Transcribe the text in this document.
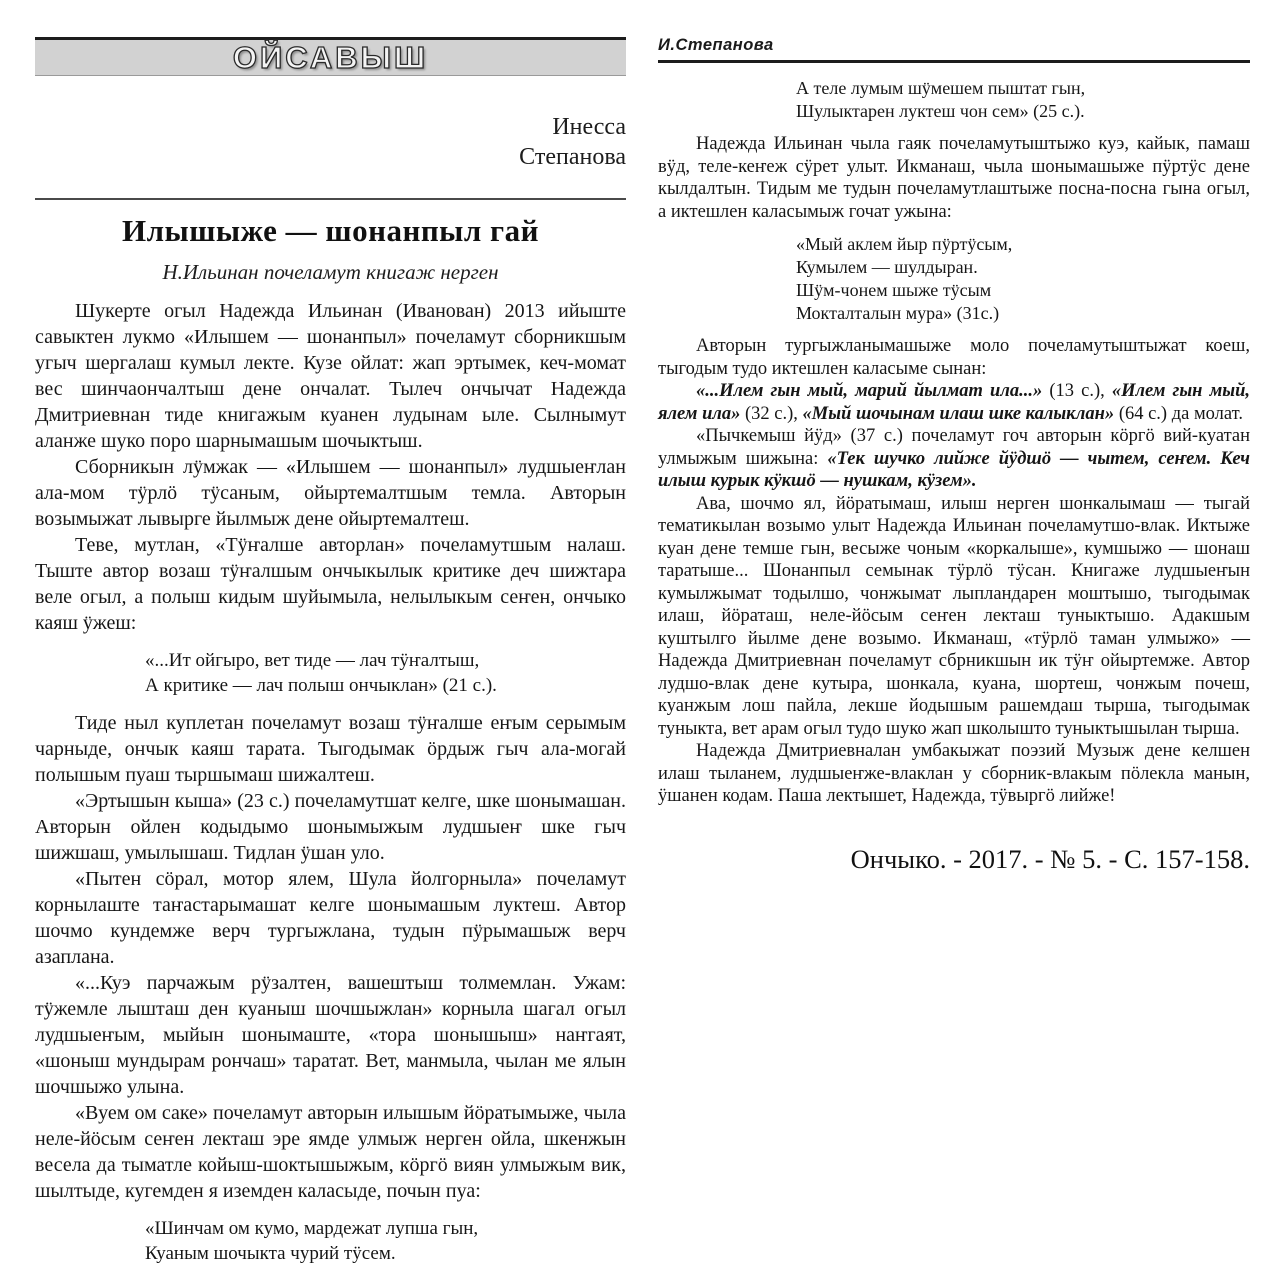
ОЙСАВЫШ
Инесса
Степанова
Илышыже — шонанпыл гай
Н.Ильинан почеламут книгаж нерген

Шукерте огыл Надежда Ильинан (Иванован) 2013 ийыште савыктен лукмо «Илышем — шонанпыл» почеламут сборникшым угыч шергалаш кумыл лекте. Кузе ойлат: жап эртымек, кеч-момат вес шинчаончалтыш дене ончалат. Тылеч ончычат Надежда Дмитриевнан тиде книгажым куанен лудынам ыле. Сылнымут аланже шуко поро шарнымашым шочыктыш.

Сборникын лӱмжак — «Илышем — шонанпыл» лудшыеҥлан ала-мом тӱрлӧ тӱсаным, ойыртемалтшым темла. Авторын возымыжат лывырге йылмыж дене ойыртемалтеш.

Теве, мутлан, «Тӱҥалше авторлан» почеламутшым налаш. Тыште автор возаш тӱҥалшым ончыкылык критике деч шижтара веле огыл, а полыш кидым шуйымыла, нелылыкым сеҥен, ончыко каяш ӱжеш:

«...Ит ойгыро, вет тиде — лач тӱҥалтыш,
А критике — лач полыш ончыклан» (21 с.).

Тиде ныл куплетан почеламут возаш тӱҥалше еҥым серымым чарныде, ончык каяш тарата. Тыгодымак ӧрдыж гыч ала-могай полышым пуаш тыршымаш шижалтеш.

«Эртышын кыша» (23 с.) почеламутшат келге, шке шонымашан. Авторын ойлен кодыдымо шонымыжым лудшыеҥ шке гыч шижшаш, умылышаш. Тидлан ӱшан уло.

«Пытен сӧрал, мотор ялем, Шула йолгорныла» почеламут корнылаште таҥастарымашат келге шонымашым луктеш. Автор шочмо кундемже верч тургыжлана, тудын пӱрымашыж верч азаплана.

«...Куэ парчажым рӱзалтен, вашештыш толмемлан. Ужам: тӱжемле лышташ ден куаныш шочшыжлан» корныла шагал огыл лудшыеҥым, мыйын шонымаште, «тора шонышыш» наҥгаят, «шоныш мундырам рончаш» таратат. Вет, манмыла, чылан ме ялын шочшыжо улына.

«Вуем ом саке» почеламут авторын илышым йӧратымыже, чыла неле-йӧсым сеҥен лекташ эре ямде улмыж нерген ойла, шкенжын весела да тыматле койыш-шоктышыжым, кӧргӧ виян улмыжым вик, шылтыде, кугемден я иземден каласыде, почын пуа:

«Шинчам ом кумо, мардежат лупша гын,
Куаным шочыкта чурий тӱсем.
И.Степанова
А теле лумым шӱмешем пыштат гын,
Шулыктарен луктеш чон сем» (25 с.).

Надежда Ильинан чыла гаяк почеламутыштыжо куэ, кайык, памаш вӱд, теле-кеҥеж сӱрет улыт. Икманаш, чыла шонымашыже пӱртӱс дене кылдалтын. Тидым ме тудын почеламутлаштыже посна-посна гына огыл, а иктешлен каласымыж гочат ужына:

«Мый аклем йыр пӱртӱсым,
Кумылем — шулдыран.
Шӱм-чонем шыже тӱсым
Мокталталын мура» (31с.)

Авторын тургыжланымашыже моло почеламутыштыжат коеш, тыгодым тудо иктешлен каласыме сынан:

«...Илем гын мый, марий йылмат ила...» (13 с.), «Илем гын мый, ялем ила» (32 с.), «Мый шочынам илаш шке калыклан» (64 с.) да молат.

«Пычкемыш йӱд» (37 с.) почеламут гоч авторын кӧргӧ вий-куатан улмыжым шижына: «Тек шучко лийже йӱдшӧ — чытем, сеҥем. Кеч илыш курык кӱкшӧ — нушкам, кӱзем».

Ава, шочмо ял, йӧратымаш, илыш нерген шонкалымаш — тыгай тематикылан возымо улыт Надежда Ильинан почеламутшо-влак. Иктыже куан дене темше гын, весыже чоным «коркалыше», кумшыжо — шонаш таратыше... Шонанпыл семынак тӱрлӧ тӱсан. Книгаже лудшыеҥын кумылжымат тодылшо, чонжымат лыпландарен моштышо, тыгодымак илаш, йӧраташ, неле-йӧсым сеҥен лекташ туныктышо. Адакшым куштылго йылме дене возымо. Икманаш, «тӱрлӧ таман улмыжо» — Надежда Дмитриевнан почеламут сбрникшын ик тӱҥ ойыртемже. Автор лудшо-влак дене кутыра, шонкала, куана, шортеш, чонжым почеш, куанжым лош пайла, лекше йодышым рашемдаш тырша, тыгодымак туныкта, вет арам огыл тудо шуко жап школышто туныктышылан тырша.

Надежда Дмитриевналан умбакыжат поэзий Музыж дене келшен илаш тыланем, лудшыеҥже-влаклан у сборник-влакым пӧлекла манын, ӱшанен кодам. Паша лектышет, Надежда, тӱвыргӧ лийже!

Ончыко. - 2017. - № 5. - С. 157-158.
